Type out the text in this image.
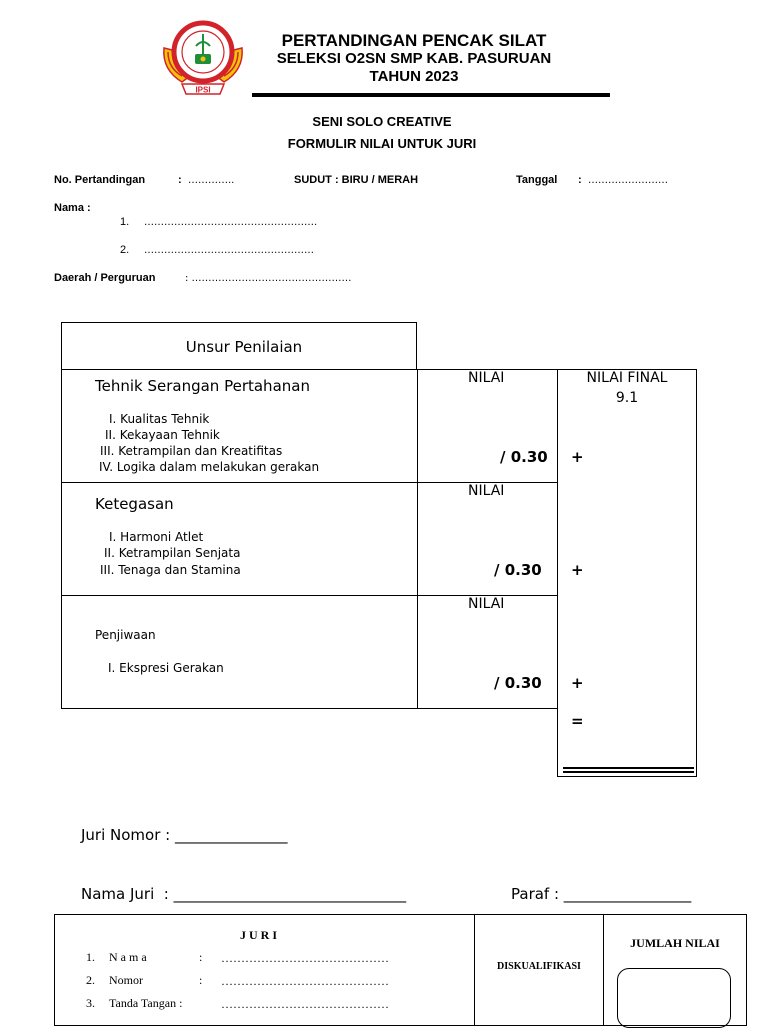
IPSI
PERTANDINGAN PENCAK SILAT
SELEKSI O2SN SMP KAB. PASURUAN
TAHUN 2023
SENI SOLO CREATIVE
FORMULIR NILAI UNTUK JURI
No. Pertandingan	: …………..	SUDUT : BIRU / MERAH	Tanggal : ……………………
Nama :
1. …………………………………………….
2. ……………………………………………
Daerah / Perguruan	: …………………………………………
Unsur Penilaian
NILAI FINAL
9.1
Tehnik Serangan Pertahanan
I. Kualitas Tehnik
II. Kekayaan Tehnik
III. Ketrampilan dan Kreatifitas
IV. Logika dalam melakukan gerakan
NILAI
/ 0.30 +
Ketegasan
I. Harmoni Atlet
II. Ketrampilan Senjata
III. Tenaga dan Stamina
NILAI
/ 0.30 +
Penjiwaan
I. Ekspresi Gerakan
NILAI
/ 0.30 +
=
Juri Nomor : _______________
Nama Juri  : _______________________________	Paraf : _________________
J U R I
1. N a m a	: ……………………………………
2. Nomor	: ……………………………………
3. Tanda Tangan :	……………………………………
DISKUALIFIKASI
JUMLAH NILAI
